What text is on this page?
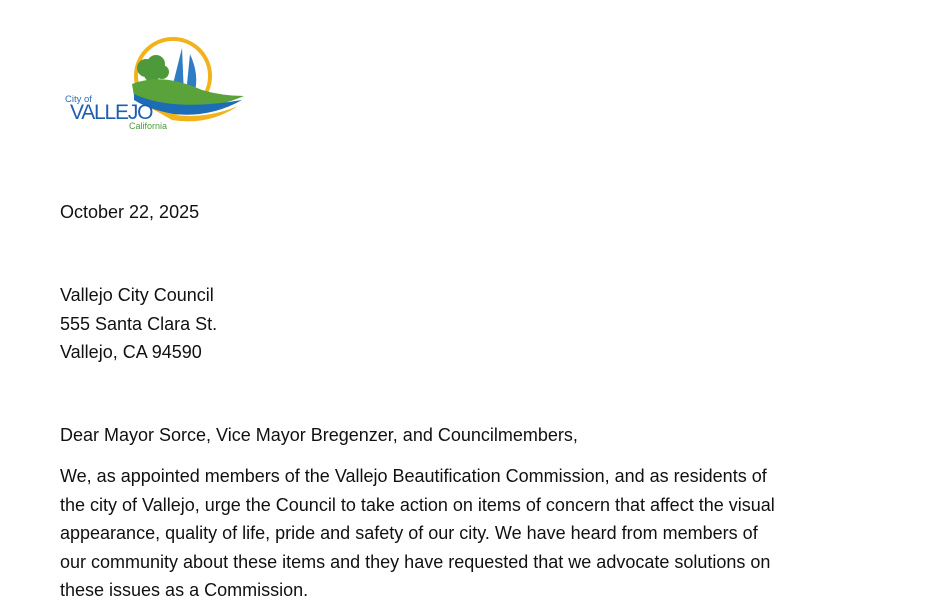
City of
VALLEJO
California

October 22, 2025

Vallejo City Council
555 Santa Clara St.
Vallejo, CA 94590

Dear Mayor Sorce, Vice Mayor Bregenzer, and Councilmembers,

We, as appointed members of the Vallejo Beautification Commission, and as residents of
the city of Vallejo, urge the Council to take action on items of concern that affect the visual
appearance, quality of life, pride and safety of our city. We have heard from members of
our community about these items and they have requested that we advocate solutions on
these issues as a Commission.
